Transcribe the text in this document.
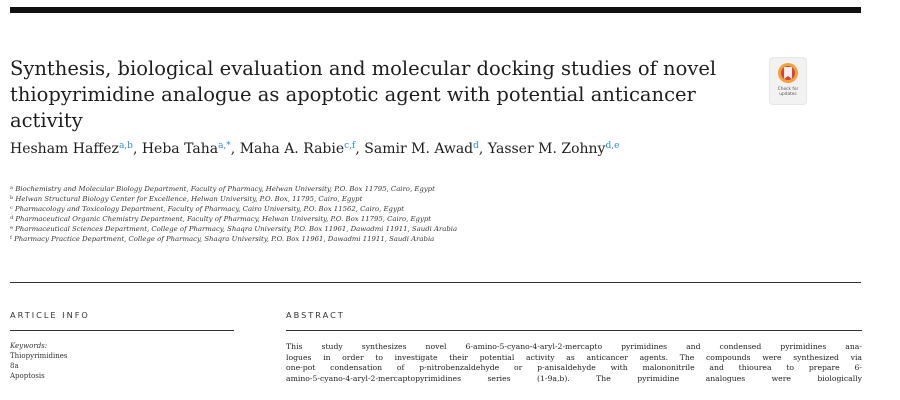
Synthesis, biological evaluation and molecular docking studies of novel thiopyrimidine analogue as apoptotic agent with potential anticancer activity
Check for updates
Hesham Haffez$^{a,b}$, Heba Taha$^{a,*}$, Maha A. Rabie$^{c,f}$, Samir M. Awad$^d$, Yasser M. Zohny$^{d,e}$
$^a$ Biochemistry and Molecular Biology Department, Faculty of Pharmacy, Helwan University, P.O. Box 11795, Cairo, Egypt
$^b$ Helwan Structural Biology Center for Excellence, Helwan University, P.O. Box, 11795, Cairo, Egypt
$^c$ Pharmacology and Toxicology Department, Faculty of Pharmacy, Cairo University, P.O. Box 11562, Cairo, Egypt
$^d$ Pharmaceutical Organic Chemistry Department, Faculty of Pharmacy, Helwan University, P.O. Box 11795, Cairo, Egypt
$^e$ Pharmaceutical Sciences Department, College of Pharmacy, Shaqra University, P.O. Box 11961, Dawadmi 11911, Saudi Arabia
$^f$ Pharmacy Practice Department, College of Pharmacy, Shaqra University, P.O. Box 11961, Dawadmi 11911, Saudi Arabia
ARTICLE INFO	ABSTRACT
Keywords:
Thiopyrimidines
8a
Apoptosis
This study synthesizes novel 6-amino-5-cyano-4-aryl-2-mercapto pyrimidines and condensed pyrimidines ana-
logues in order to investigate their potential activity as anticancer agents. The compounds were synthesized via
one-pot condensation of p-nitrobenzaldehyde or p-anisaldehyde with malononitrile and thiourea to prepare 6-
amino-5-cyano-4-aryl-2-mercaptopyrimidines series (1-9a,b). The pyrimidine analogues were biologically
